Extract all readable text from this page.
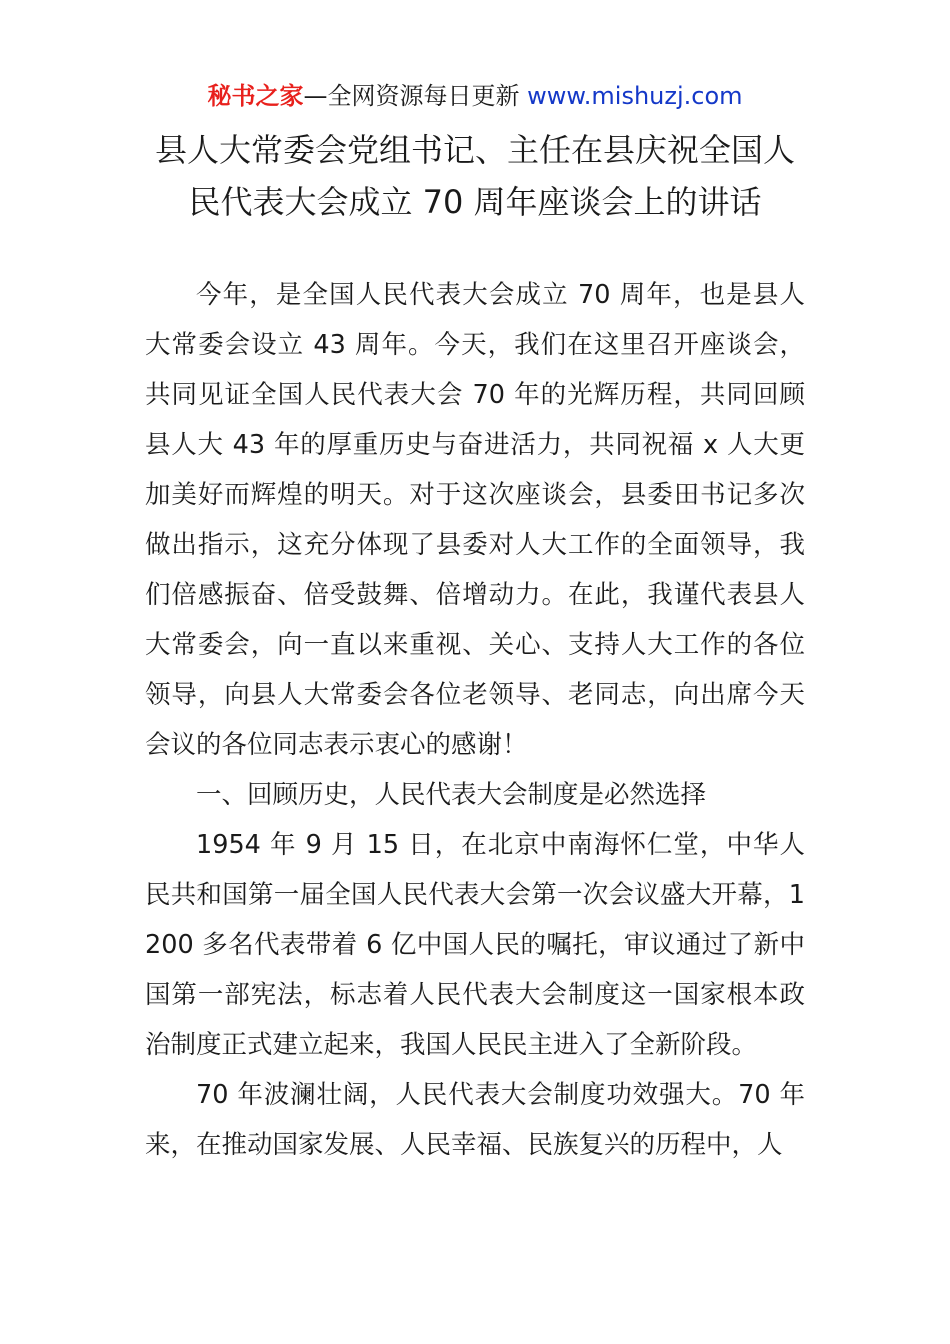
秘书之家—全网资源每日更新 www.mishuzj.com
县人大常委会党组书记、主任在县庆祝全国人
民代表大会成立 70 周年座谈会上的讲话

今年，是全国人民代表大会成立 70 周年，也是县人大常委会设立 43 周年。今天，我们在这里召开座谈会，共同见证全国人民代表大会 70 年的光辉历程，共同回顾县人大 43 年的厚重历史与奋进活力，共同祝福 x 人大更加美好而辉煌的明天。对于这次座谈会，县委田书记多次做出指示，这充分体现了县委对人大工作的全面领导，我们倍感振奋、倍受鼓舞、倍增动力。在此，我谨代表县人大常委会，向一直以来重视、关心、支持人大工作的各位领导，向县人大常委会各位老领导、老同志，向出席今天会议的各位同志表示衷心的感谢！

一、回顾历史，人民代表大会制度是必然选择

1954 年 9 月 15 日，在北京中南海怀仁堂，中华人民共和国第一届全国人民代表大会第一次会议盛大开幕，1200 多名代表带着 6 亿中国人民的嘱托，审议通过了新中国第一部宪法，标志着人民代表大会制度这一国家根本政治制度正式建立起来，我国人民民主进入了全新阶段。

70 年波澜壮阔，人民代表大会制度功效强大。70 年来，在推动国家发展、人民幸福、民族复兴的历程中，人
